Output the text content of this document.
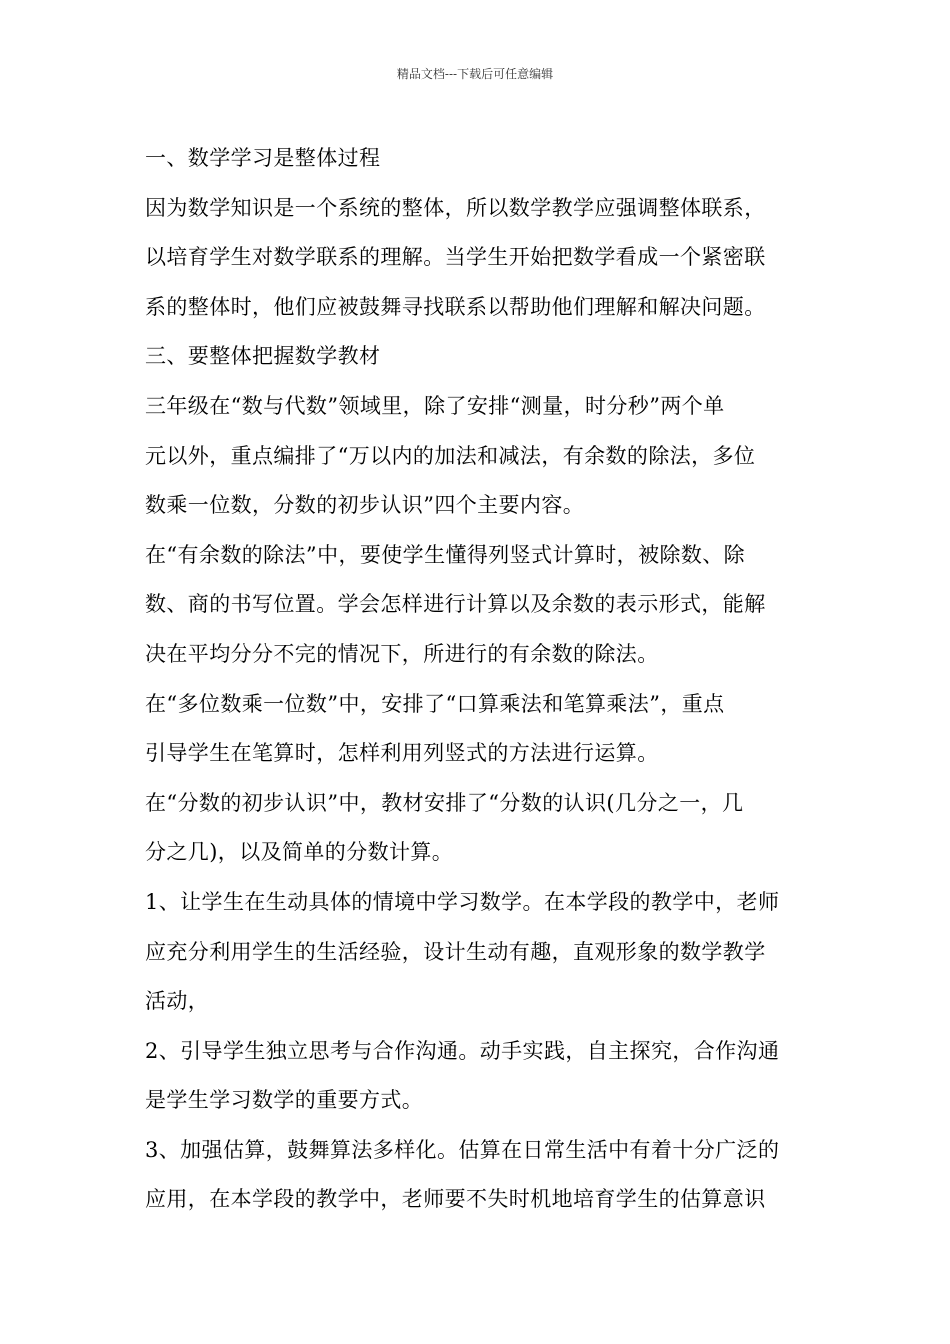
精品文档---下载后可任意编辑
一、数学学习是整体过程
因为数学知识是一个系统的整体，所以数学教学应强调整体联系，
以培育学生对数学联系的理解。当学生开始把数学看成一个紧密联
系的整体时，他们应被鼓舞寻找联系以帮助他们理解和解决问题。
三、要整体把握数学教材
三年级在“数与代数”领域里，除了安排“测量，时分秒”两个单
元以外，重点编排了“万以内的加法和减法，有余数的除法，多位
数乘一位数，分数的初步认识”四个主要内容。
在“有余数的除法”中，要使学生懂得列竖式计算时，被除数、除
数、商的书写位置。学会怎样进行计算以及余数的表示形式，能解
决在平均分分不完的情况下，所进行的有余数的除法。
在“多位数乘一位数”中，安排了“口算乘法和笔算乘法”，重点
引导学生在笔算时，怎样利用列竖式的方法进行运算。
在“分数的初步认识”中，教材安排了“分数的认识(几分之一，几
分之几)，以及简单的分数计算。
1、让学生在生动具体的情境中学习数学。在本学段的教学中，老师
应充分利用学生的生活经验，设计生动有趣，直观形象的数学教学
活动，
2、引导学生独立思考与合作沟通。动手实践，自主探究，合作沟通
是学生学习数学的重要方式。
3、加强估算，鼓舞算法多样化。估算在日常生活中有着十分广泛的
应用，在本学段的教学中，老师要不失时机地培育学生的估算意识
